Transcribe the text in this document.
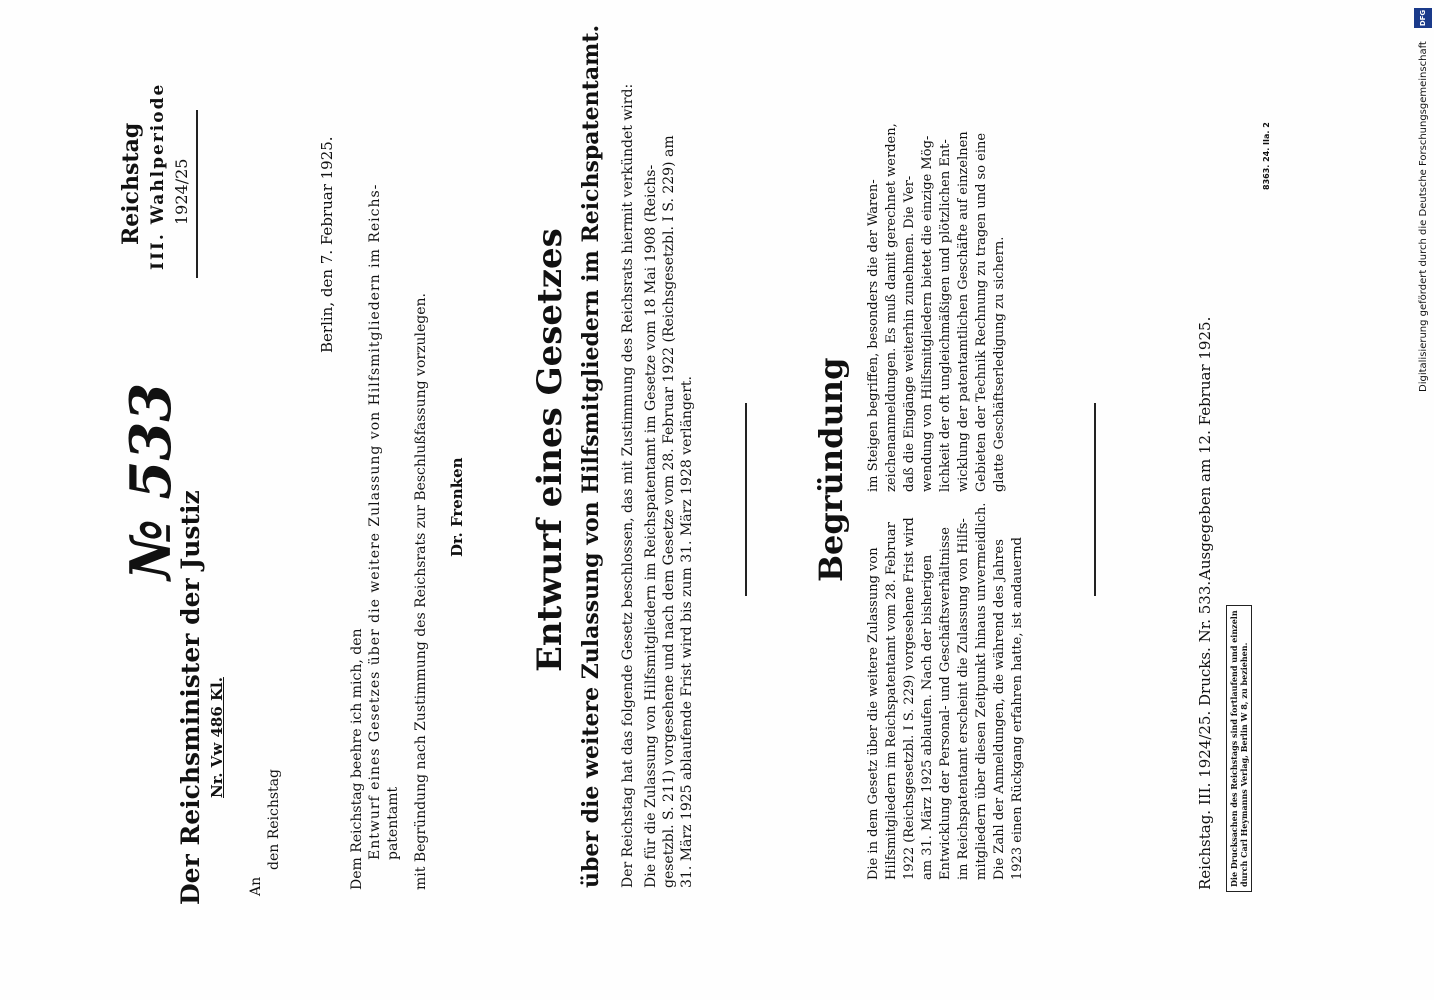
Der Reichsminister der Justiz Nr. Vw 486 Kl.
An
den Reichstag
№ 533
Reichstag III. Wahlperiode 1924/25	Berlin, den 7. Februar 1925.
Dem Reichstag beehre ich mich, den Entwurf eines Gesetzes über die weitere Zulassung von Hilfsmitgliedern im Reichs- patentamt mit Begründung nach Zustimmung des Reichsrats zur Beschlußfassung vorzulegen. Dr. Frenken Entwurf eines Gesetzes über die weitere Zulassung von Hilfsmitgliedern im Reichspatentamt. Der Reichstag hat das folgende Gesetz beschlossen, das mit Zustimmung des Reichsrats hiermit verkündet wird: Die für die Zulassung von Hilfsmitgliedern im Reichspatentamt im Gesetze vom 18 Mai 1908 (Reichs- gesetzbl. S. 211) vorgesehene und nach dem Gesetze vom 28. Februar 1922 (Reichsgesetzbl. I S. 229) am 31. März 1925 ablaufende Frist wird bis zum 31. März 1928 verlängert.	Begründung
Die in dem Gesetz über die weitere Zulassung von Hilfsmitgliedern im Reichspatentamt vom 28. Februar 1922 (Reichsgesetzbl. I S. 229) vorgesehene Frist wird am 31. März 1925 ablaufen. Nach der bisherigen Entwicklung der Personal- und Geschäftsverhältnisse im Reichspatentamt erscheint die Zulassung von Hilfs- mitgliedern über diesen Zeitpunkt hinaus unvermeidlich. Die Zahl der Anmeldungen, die während des Jahres 1923 einen Rückgang erfahren hatte, ist andauernd
im Steigen begriffen, besonders die der Waren- zeichenanmeldungen. Es muß damit gerechnet werden, daß die Eingänge weiterhin zunehmen. Die Ver- wendung von Hilfsmitgliedern bietet die einzige Mög- lichkeit der oft ungleichmäßigen und plötzlichen Ent- wicklung der patentamtlichen Geschäfte auf einzelnen Gebieten der Technik Rechnung zu tragen und so eine glatte Geschäftserledigung zu sichern.
Reichstag. III. 1924/25. Drucks. Nr. 533.
Ausgegeben am 12. Februar 1925.
Die Drucksachen des Reichstags sind fortlaufend und einzeln durch Carl Heymanns Verlag, Berlin W 8, zu beziehen.
8363. 24. IIa. 2	Digitalisierung gefördert durch die Deutsche Forschungsgemeinschaft
DFG
